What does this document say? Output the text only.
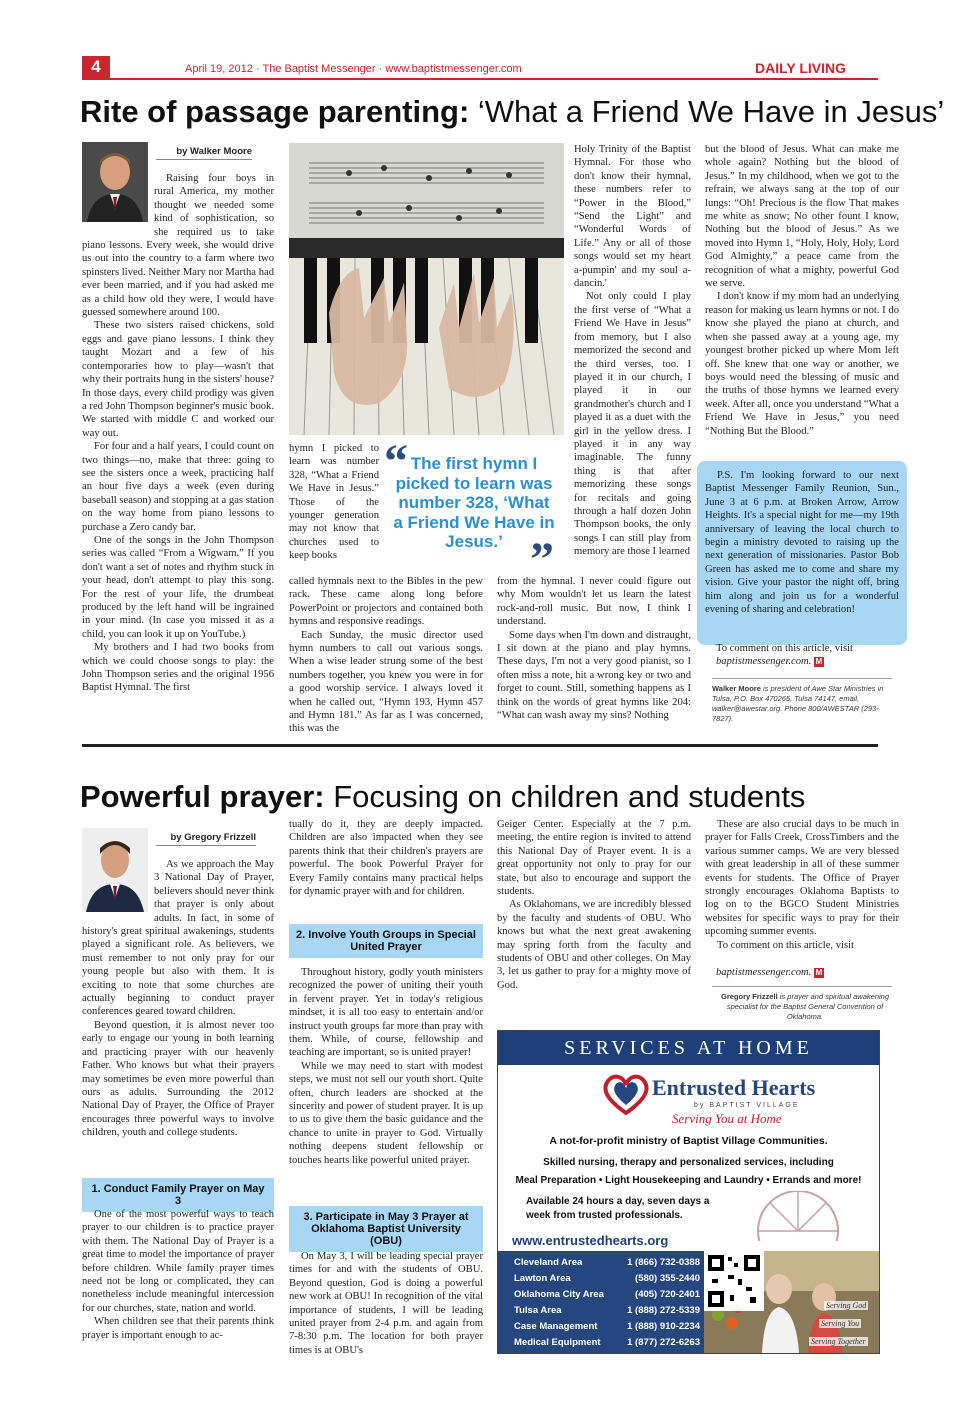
4	April 19, 2012 · The Baptist Messenger · www.baptistmessenger.com	DAILY LIVING
Rite of passage parenting: ‘What a Friend We Have in Jesus’
by Walker Moore

Raising four boys in rural America, my mother thought we needed some kind of sophistication, so she required us to take piano lessons. Every week, she would drive us out into the country to a farm where two spinsters lived. Neither Mary nor Martha had ever been married, and if you had asked me as a child how old they were, I would have guessed somewhere around 100.

These two sisters raised chickens, sold eggs and gave piano lessons. I think they taught Mozart and a few of his contemporaries how to play—wasn't that why their portraits hung in the sisters' house? In those days, every child prodigy was given a red John Thompson beginner's music book. We started with middle C and worked our way out.

For four and a half years, I could count on two things—no, make that three: going to see the sisters once a week, practicing half an hour five days a week (even during baseball season) and stopping at a gas station on the way home from piano lessons to purchase a Zero candy bar.

One of the songs in the John Thompson series was called “From a Wigwam.” If you don't want a set of notes and rhythm stuck in your head, don't attempt to play this song. For the rest of your life, the drumbeat produced by the left hand will be ingrained in your mind. (In case you missed it as a child, you can look it up on YouTube.)

My brothers and I had two books from which we could choose songs to play: the John Thompson series and the original 1956 Baptist Hymnal. The first

hymn I picked to learn was number 328, “What a Friend We Have in Jesus.” Those of the younger generation may not know that churches used to keep books

“ The first hymn I picked to learn was number 328, ‘What a Friend We Have in Jesus.’ ”

called hymnals next to the Bibles in the pew rack. These came along long before PowerPoint or projectors and contained both hymns and responsive readings.

Each Sunday, the music director used hymn numbers to call out various songs. When a wise leader strung some of the best numbers together, you knew you were in for a good worship service. I always loved it when he called out, “Hymn 193, Hymn 457 and Hymn 181.” As far as I was concerned, this was the

Holy Trinity of the Baptist Hymnal. For those who don't know their hymnal, these numbers refer to “Power in the Blood,” “Send the Light” and “Wonderful Words of Life.” Any or all of those songs would set my heart a-pumpin' and my soul a-dancin.'

Not only could I play the first verse of “What a Friend We Have in Jesus” from memory, but I also memorized the second and the third verses, too. I played it in our church, I played it in our grandmother's church and I played it as a duet with the girl in the yellow dress. I played it in any way imaginable. The funny thing is that after memorizing these songs for recitals and going through a half dozen John Thompson books, the only songs I can still play from memory are those I learned

from the hymnal. I never could figure out why Mom wouldn't let us learn the latest rock-and-roll music. But now, I think I understand.

Some days when I'm down and distraught, I sit down at the piano and play hymns. These days, I'm not a very good pianist, so I often miss a note, hit a wrong key or two and forget to count. Still, something happens as I think on the words of great hymns like 204: “What can wash away my sins? Nothing

but the blood of Jesus. What can make me whole again? Nothing but the blood of Jesus.” In my childhood, when we got to the refrain, we always sang at the top of our lungs: “Oh! Precious is the flow That makes me white as snow; No other fount I know, Nothing but the blood of Jesus.” As we moved into Hymn 1, “Holy, Holy, Holy, Lord God Almighty,” a peace came from the recognition of what a mighty, powerful God we serve.

I don't know if my mom had an underlying reason for making us learn hymns or not. I do know she played the piano at church, and when she passed away at a young age, my youngest brother picked up where Mom left off. She knew that one way or another, we boys would need the blessing of music and the truths of those hymns we learned every week. After all, once you understand “What a Friend We Have in Jesus,” you need “Nothing But the Blood.”

P.S. I'm looking forward to our next Baptist Messenger Family Reunion, Sun., June 3 at 6 p.m. at Broken Arrow, Arrow Heights. It's a special night for me—my 19th anniversary of leaving the local church to begin a ministry devoted to raising up the next generation of missionaries. Pastor Bob Green has asked me to come and share my vision. Give your pastor the night off, bring him along and join us for a wonderful evening of sharing and celebration!

To comment on this article, visit
baptistmessenger.com. M
Walker Moore is president of Awe Star Ministries in Tulsa, P.O. Box 470265, Tulsa 74147, email, walker@awestar.org. Phone 800/AWESTAR (293-7827).
Powerful prayer: Focusing on children and students
by Gregory Frizzell

As we approach the May 3 National Day of Prayer, believers should never think that prayer is only about adults. In fact, in some of history's great spiritual awakenings, students played a significant role. As believers, we must remember to not only pray for our young people but also with them. It is exciting to note that some churches are actually beginning to conduct prayer conferences geared toward children.

Beyond question, it is almost never too early to engage our young in both learning and practicing prayer with our heavenly Father. Who knows but what their prayers may sometimes be even more powerful than ours as adults. Surrounding the 2012 National Day of Prayer, the Office of Prayer encourages three powerful ways to involve children, youth and college students.

1. Conduct Family Prayer on May 3

One of the most powerful ways to teach prayer to our children is to practice prayer with them. The National Day of Prayer is a great time to model the importance of prayer before children. While family prayer times need not be long or complicated, they can nonetheless include meaningful intercession for our churches, state, nation and world.

When children see that their parents think prayer is important enough to ac-

tually do it, they are deeply impacted. Children are also impacted when they see parents think that their children's prayers are powerful. The book Powerful Prayer for Every Family contains many practical helps for dynamic prayer with and for children.

2. Involve Youth Groups in Special United Prayer

Throughout history, godly youth ministers recognized the power of uniting their youth in fervent prayer. Yet in today's religious mindset, it is all too easy to entertain and/or instruct youth groups far more than pray with them. While, of course, fellowship and teaching are important, so is united prayer!

While we may need to start with modest steps, we must not sell our youth short. Quite often, church leaders are shocked at the sincerity and power of student prayer. It is up to us to give them the basic guidance and the chance to unite in prayer to God. Virtually nothing deepens student fellowship or touches hearts like powerful united prayer.

3. Participate in May 3 Prayer at Oklahoma Baptist University (OBU)

On May 3, I will be leading special prayer times for and with the students of OBU. Beyond question, God is doing a powerful new work at OBU! In recognition of the vital importance of students, I will be leading united prayer from 2-4 p.m. and again from 7-8:30 p.m. The location for both prayer times is at OBU's

Geiger Center. Especially at the 7 p.m. meeting, the entire region is invited to attend this National Day of Prayer event. It is a great opportunity not only to pray for our state, but also to encourage and support the students.

As Oklahomans, we are incredibly blessed by the faculty and students of OBU. Who knows but what the next great awakening may spring forth from the faculty and students of OBU and other colleges. On May 3, let us gather to pray for a mighty move of God.

These are also crucial days to be much in prayer for Falls Creek, CrossTimbers and the various summer camps. We are very blessed with great leadership in all of these summer events for students. The Office of Prayer strongly encourages Oklahoma Baptists to log on to the BGCO Student Ministries websites for specific ways to pray for their upcoming summer events.

To comment on this article, visit

baptistmessenger.com. M
Gregory Frizzell is prayer and spiritual awakening specialist for the Baptist General Convention of Oklahoma.
SERVICES AT HOME
Entrusted Hearts
by BAPTIST VILLAGE
Serving You at Home
A not-for-profit ministry of Baptist Village Communities.
Skilled nursing, therapy and personalized services, including
Meal Preparation • Light Housekeeping and Laundry • Errands and more!
Available 24 hours a day, seven days a week from trusted professionals.
www.entrustedhearts.org
Cleveland Area	1 (866) 732-0388
Lawton Area	(580) 355-2440
Oklahoma City Area	(405) 720-2401
Tulsa Area	1 (888) 272-5339
Case Management	1 (888) 910-2234
Medical Equipment	1 (877) 272-6263
Serving God
Serving You
Serving Together
